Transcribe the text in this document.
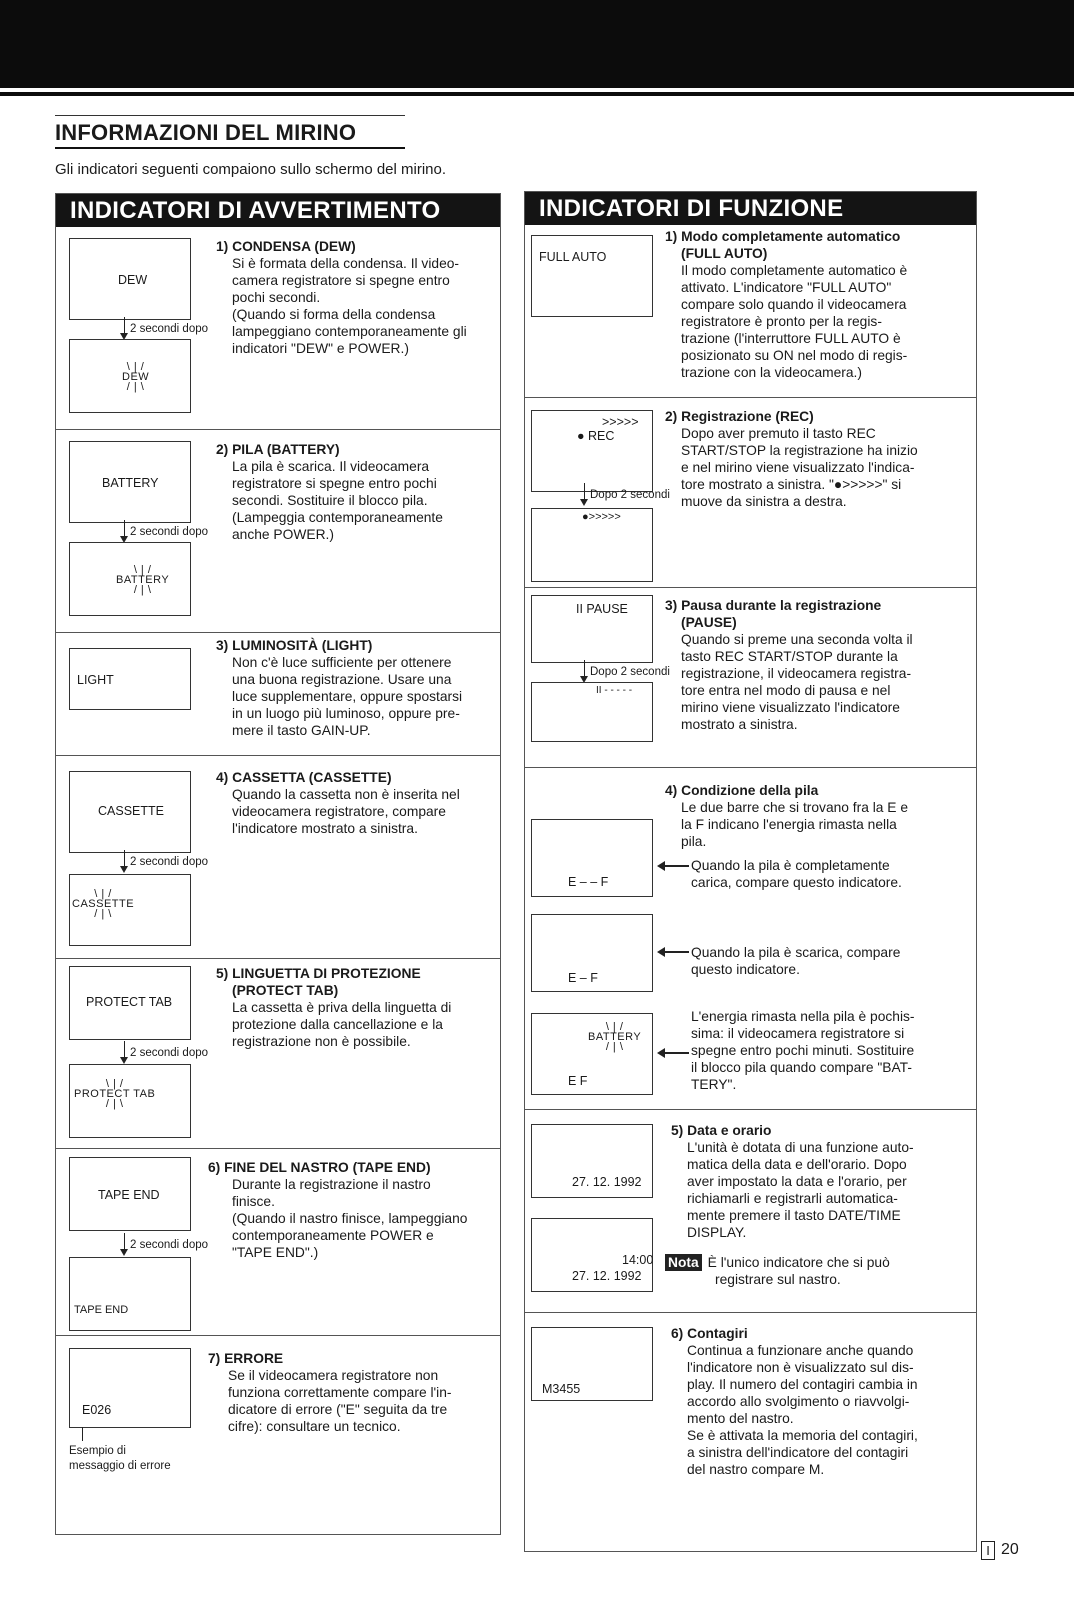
INFORMAZIONI DEL MIRINO
Gli indicatori seguenti compaiono sullo schermo del mirino.
INDICATORI DI AVVERTIMENTO
DEW
2 secondi dopo
\ | /
DEW
/ | \

1) CONDENSA (DEW)

Si è formata della condensa. Il video-

camera registratore si spegne entro

pochi secondi.

(Quando si forma della condensa

lampeggiano contemporaneamente gli

indicatori "DEW" e POWER.)

BATTERY
2 secondi dopo
\ | /
BATTERY
/ | \

2) PILA (BATTERY)

La pila è scarica. Il videocamera

registratore si spegne entro pochi

secondi. Sostituire il blocco pila.

(Lampeggia contemporaneamente

anche POWER.)

LIGHT

3) LUMINOSITÀ (LIGHT)

Non c'è luce sufficiente per ottenere

una buona registrazione. Usare una

luce supplementare, oppure spostarsi

in un luogo più luminoso, oppure pre-

mere il tasto GAIN-UP.

CASSETTE
2 secondi dopo
\ | /
CASSETTE
/ | \

4) CASSETTA (CASSETTE)

Quando la cassetta non è inserita nel

videocamera registratore, compare

l'indicatore mostrato a sinistra.

PROTECT TAB
2 secondi dopo
\ | /
PROTECT TAB
/ | \

5) LINGUETTA DI PROTEZIONE

(PROTECT TAB)

La cassetta è priva della linguetta di

protezione dalla cancellazione e la

registrazione non è possibile.

TAPE END
2 secondi dopo
TAPE END

6) FINE DEL NASTRO (TAPE END)

Durante la registrazione il nastro

finisce.

(Quando il nastro finisce, lampeggiano

contemporaneamente POWER e

"TAPE END".)

E026
Esempio di
messaggio di errore

7) ERRORE

Se il videocamera registratore non

funziona correttamente compare l'in-

dicatore di errore ("E" seguita da tre

cifre): consultare un tecnico.

INDICATORI DI FUNZIONE
FULL AUTO

1) Modo completamente automatico

(FULL AUTO)

Il modo completamente automatico è

attivato. L'indicatore "FULL AUTO"

compare solo quando il videocamera

registratore è pronto per la regis-

trazione (l'interruttore FULL AUTO è

posizionato su ON nel modo di regis-

trazione con la videocamera.)

>>>>>
● REC
Dopo 2 secondi
●>>>>>

2) Registrazione (REC)

Dopo aver premuto il tasto REC

START/STOP la registrazione ha inizio

e nel mirino viene visualizzato l'indica-

tore mostrato a sinistra. "●>>>>>" si

muove da sinistra a destra.

II PAUSE
Dopo 2 secondi
II - - - - -

3) Pausa durante la registrazione

(PAUSE)

Quando si preme una seconda volta il

tasto REC START/STOP durante la

registrazione, il videocamera registra-

tore entra nel modo di pausa e nel

mirino viene visualizzato l'indicatore

mostrato a sinistra.

4) Condizione della pila

Le due barre che si trovano fra la E e

la F indicano l'energia rimasta nella

pila.

E – – F

Quando la pila è completamente

carica, compare questo indicatore.

E – F

Quando la pila è scarica, compare

questo indicatore.

\ | /
BATTERY
/ | \
E F

L'energia rimasta nella pila è pochis-

sima: il videocamera registratore si

spegne entro pochi minuti. Sostituire

il blocco pila quando compare "BAT-

TERY".

27. 12. 1992
14:00
27. 12. 1992

5) Data e orario

L'unità è dotata di una funzione auto-

matica della data e dell'orario. Dopo

aver impostato la data e l'orario, per

richiamarli e registrarli automatica-

mente premere il tasto DATE/TIME

DISPLAY.

Nota È l'unico indicatore che si può

registrare sul nastro.

M3455

6) Contagiri

Continua a funzionare anche quando

l'indicatore non è visualizzato sul dis-

play. Il numero del contagiri cambia in

accordo allo svolgimento o riavvolgi-

mento del nastro.

Se è attivata la memoria del contagiri,

a sinistra dell'indicatore del contagiri

del nastro compare M.

I 20
